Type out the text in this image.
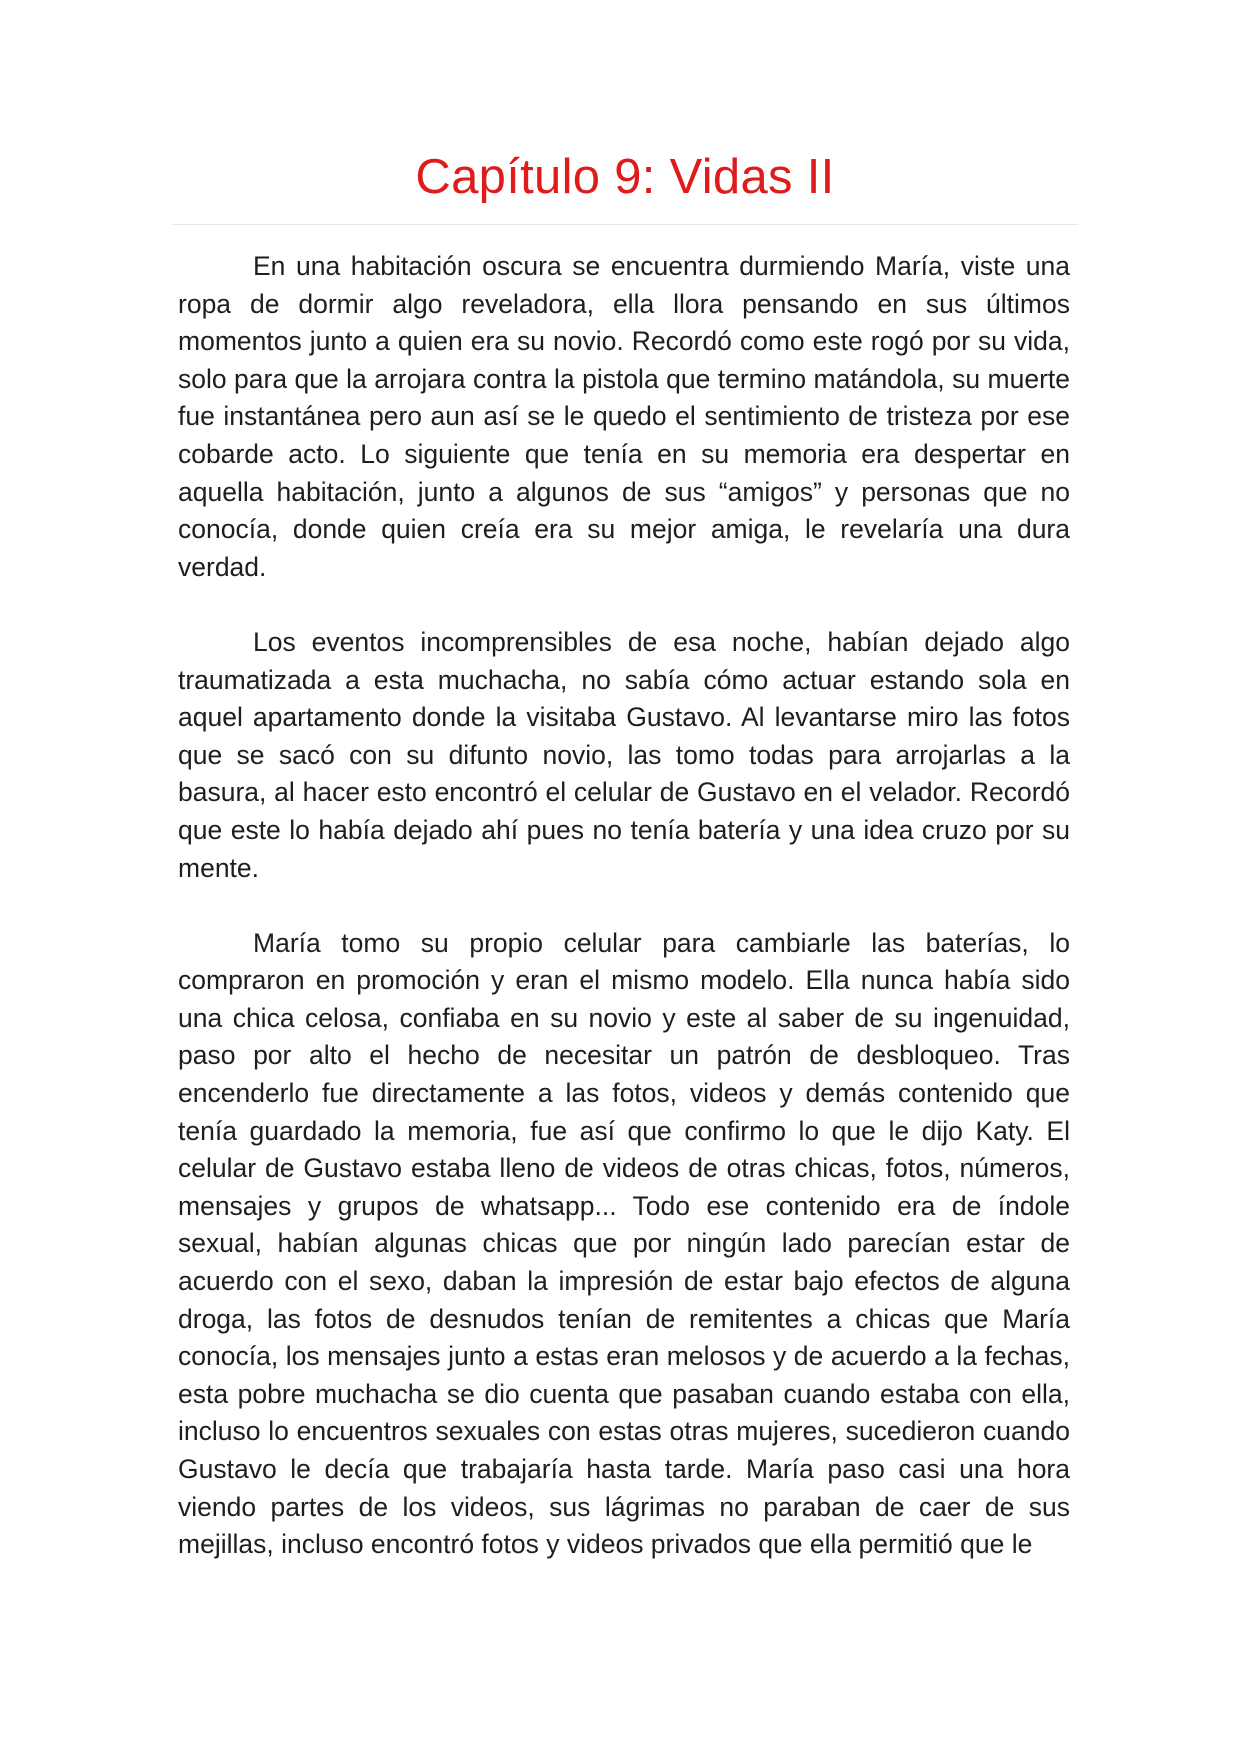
Capítulo 9: Vidas II

En una habitación oscura se encuentra durmiendo María, viste una ropa de dormir algo reveladora, ella llora pensando en sus últimos momentos junto a quien era su novio. Recordó como este rogó por su vida, solo para que la arrojara contra la pistola que termino matándola, su muerte fue instantánea pero aun así se le quedo el sentimiento de tristeza por ese cobarde acto. Lo siguiente que tenía en su memoria era despertar en aquella habitación, junto a algunos de sus “amigos” y personas que no conocía, donde quien creía era su mejor amiga, le revelaría una dura verdad.

Los eventos incomprensibles de esa noche, habían dejado algo traumatizada a esta muchacha, no sabía cómo actuar estando sola en aquel apartamento donde la visitaba Gustavo. Al levantarse miro las fotos que se sacó con su difunto novio, las tomo todas para arrojarlas a la basura, al hacer esto encontró el celular de Gustavo en el velador. Recordó que este lo había dejado ahí pues no tenía batería y una idea cruzo por su mente.

María tomo su propio celular para cambiarle las baterías, lo compraron en promoción y eran el mismo modelo. Ella nunca había sido una chica celosa, confiaba en su novio y este al saber de su ingenuidad, paso por alto el hecho de necesitar un patrón de desbloqueo. Tras encenderlo fue directamente a las fotos, videos y demás contenido que tenía guardado la memoria, fue así que confirmo lo que le dijo Katy. El celular de Gustavo estaba lleno de videos de otras chicas, fotos, números, mensajes y grupos de whatsapp... Todo ese contenido era de índole sexual, habían algunas chicas que por ningún lado parecían estar de acuerdo con el sexo, daban la impresión de estar bajo efectos de alguna droga, las fotos de desnudos tenían de remitentes a chicas que María conocía, los mensajes junto a estas eran melosos y de acuerdo a la fechas, esta pobre muchacha se dio cuenta que pasaban cuando estaba con ella, incluso lo encuentros sexuales con estas otras mujeres, sucedieron cuando Gustavo le decía que trabajaría hasta tarde. María paso casi una hora viendo partes de los videos, sus lágrimas no paraban de caer de sus mejillas, incluso encontró fotos y videos privados que ella permitió que le
